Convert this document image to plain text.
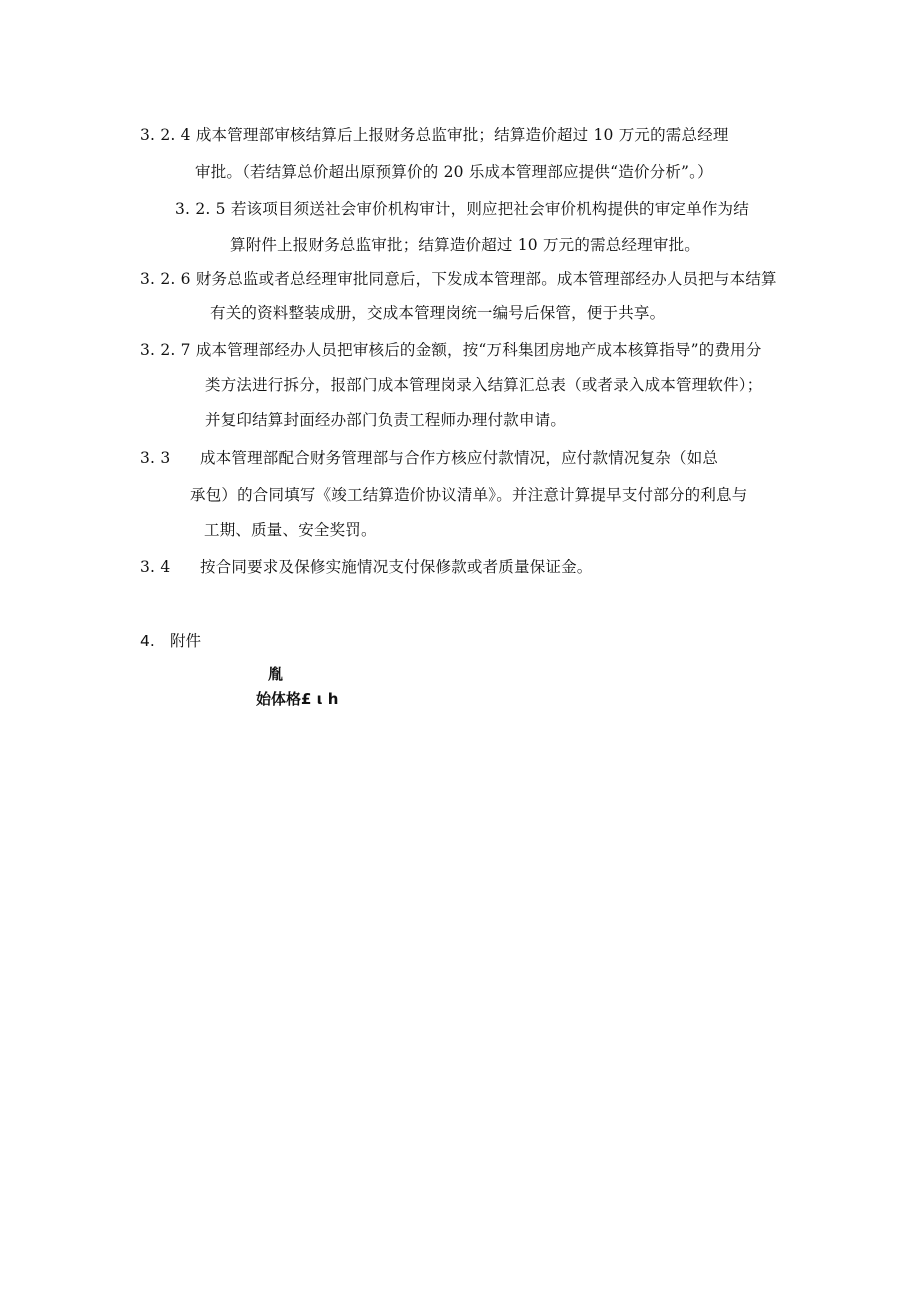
3. 2. 4 成本管理部审核结算后上报财务总监审批；结算造价超过 10 万元的需总经理
审批。（若结算总价超出原预算价的 20 乐成本管理部应提供“造价分析”。）
3. 2. 5 若该项目须送社会审价机构审计，则应把社会审价机构提供的审定单作为结
算附件上报财务总监审批；结算造价超过 10 万元的需总经理审批。
3. 2. 6 财务总监或者总经理审批同意后，下发成本管理部。成本管理部经办人员把与本结算
有关的资料整装成册，交成本管理岗统一编号后保管，便于共享。
3. 2. 7 成本管理部经办人员把审核后的金额，按“万科集团房地产成本核算指导”的费用分
类方法进行拆分，报部门成本管理岗录入结算汇总表（或者录入成本管理软件）；
并复印结算封面经办部门负责工程师办理付款申请。
3. 3 成本管理部配合财务管理部与合作方核应付款情况，应付款情况复杂（如总
承包）的合同填写《竣工结算造价协议清单》。并注意计算提早支付部分的利息与
工期、质量、安全奖罚。
3. 4 按合同要求及保修实施情况支付保修款或者质量保证金。
4. 附件
胤
始体格£ ι h
